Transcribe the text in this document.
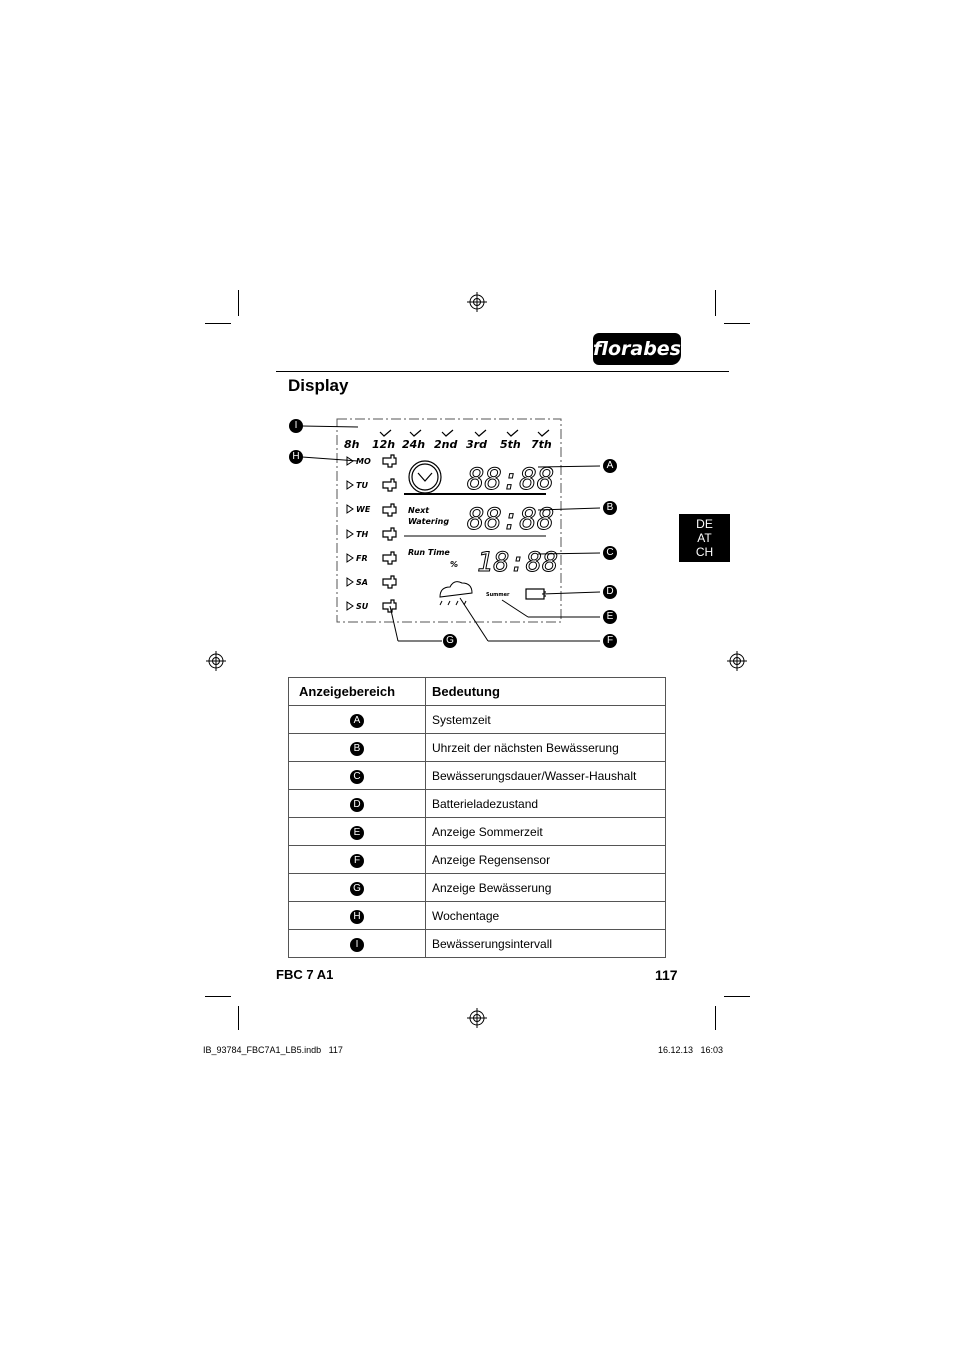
florabest
Display
DE
AT
CH
8h 12h 24h 2nd 3rd 5th 7th
MO
TU
WE
TH
FR
SA
SU
88:88
88:88
18:88
Next
Watering
Run Time
%
Summer
I
H
A
B
C
D
E
F
G
Anzeigebereich	Bedeutung
A	Systemzeit
B	Uhrzeit der nächsten Bewässerung
C	Bewässerungsdauer/Wasser-Haushalt
D	Batterieladezustand
E	Anzeige Sommerzeit
F	Anzeige Regensensor
G	Anzeige Bewässerung
H	Wochentage
I	Bewässerungsintervall
FBC 7 A1	117
IB_93784_FBC7A1_LB5.indb   117	16.12.13   16:03
